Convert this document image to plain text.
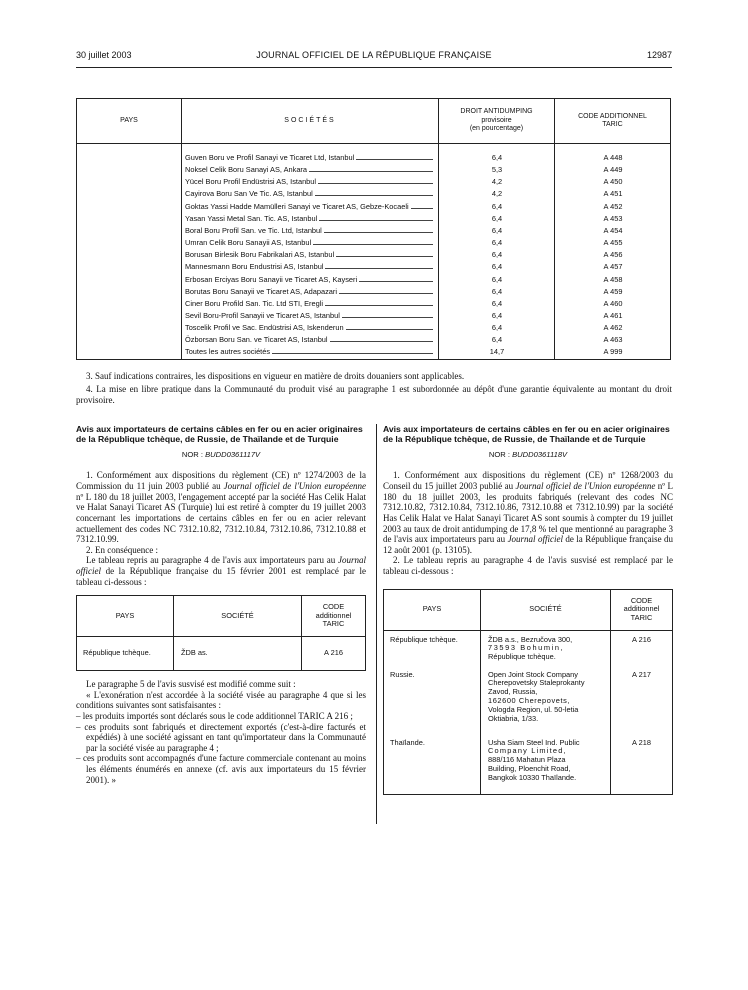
30 juillet 2003	JOURNAL OFFICIEL DE LA RÉPUBLIQUE FRANÇAISE	12987
PAYS	SOCIÉTÉS
DROIT ANTIDUMPING
provisoire
(en pourcentage)
CODE ADDITIONNEL
TARIC
Guven Boru ve Profil Sanayi ve Ticaret Ltd, Istanbul	6,4	A 448
Noksel Celik Boru Sanayi AS, Ankara	5,3	A 449
Yücel Boru Profil Endüstrisi AS, Istanbul	4,2	A 450
Cayirova Boru San Ve Tic. AS, Istanbul	4,2	A 451
Goktas Yassi Hadde Mamülleri Sanayi ve Ticaret AS, Gebze-Kocaeli	6,4	A 452
Yasan Yassi Metal San. Tic. AS, Istanbul	6,4	A 453
Boral Boru Profil San. ve Tic. Ltd, Istanbul	6,4	A 454
Umran Celik Boru Sanayii AS, Istanbul	6,4	A 455
Borusan Birlesik Boru Fabrikalari AS, Istanbul	6,4	A 456
Mannesmann Boru Endustrisi AS, Istanbul	6,4	A 457
Erbosan Erciyas Boru Sanayii ve Ticaret AS, Kayseri	6,4	A 458
Borutas Boru Sanayii ve Ticaret AS, Adapazari	6,4	A 459
Ciner Boru Profild San. Tic. Ltd STI, Eregli	6,4	A 460
Sevil Boru-Profil Sanayii ve Ticaret AS, Istanbul	6,4	A 461
Toscelik Profil ve Sac. Endüstrisi AS, Iskenderun	6,4	A 462
Özborsan Boru San. ve Ticaret AS, Istanbul	6,4	A 463
Toutes les autres sociétés	14,7	A 999

3. Sauf indications contraires, les dispositions en vigueur en matière de droits douaniers sont applicables.

4. La mise en libre pratique dans la Communauté du produit visé au paragraphe 1 est subordonnée au dépôt d'une garantie équivalente au montant du droit provisoire.

Avis aux importateurs de certains câbles en fer ou en acier originaires de la République tchèque, de Russie, de Thaïlande et de Turquie

NOR : BUDD0361117V

1. Conformément aux dispositions du règlement (CE) nº 1274/2003 de la Commission du 11 juin 2003 publié au Journal officiel de l'Union européenne nº L 180 du 18 juillet 2003, l'engagement accepté par la société Has Celik Halat ve Halat Sanayi Ticaret AS (Turquie) lui est retiré à compter du 19 juillet 2003 concernant les importations de certains câbles en fer ou en acier relevant actuellement des codes NC 7312.10.82, 7312.10.84, 7312.10.86, 7312.10.88 et 7312.10.99.

2. En conséquence :

Le tableau repris au paragraphe 4 de l'avis aux importateurs paru au Journal officiel de la République française du 15 février 2001 est remplacé par le tableau ci-dessous :

PAYS	SOCIÉTÉ
CODE
additionnel
TARIC
République tchèque.	ŽDB as.	A 216

Le paragraphe 5 de l'avis susvisé est modifié comme suit :

« L'exonération n'est accordée à la société visée au paragraphe 4 que si les conditions suivantes sont satisfaisantes :

– les produits importés sont déclarés sous le code additionnel TARIC A 216 ;

– ces produits sont fabriqués et directement exportés (c'est-à-dire facturés et expédiés) à une société agissant en tant qu'importateur dans la Communauté par la société visée au paragraphe 4 ;

– ces produits sont accompagnés d'une facture commerciale contenant au moins les éléments énumérés en annexe (cf. avis aux importateurs du 15 février 2001). »

Avis aux importateurs de certains câbles en fer ou en acier originaires de la République tchèque, de Russie, de Thaïlande et de Turquie

NOR : BUDD0361118V

1. Conformément aux dispositions du règlement (CE) nº 1268/2003 du Conseil du 15 juillet 2003 publié au Journal officiel de l'Union européenne nº L 180 du 18 juillet 2003, les produits fabriqués (relevant des codes NC 7312.10.82, 7312.10.84, 7312.10.86, 7312.10.88 et 7312.10.99) par la société Has Celik Halat ve Halat Sanayi Ticaret AS sont soumis à compter du 19 juillet 2003 au taux de droit antidumping de 17,8 % tel que mentionné au paragraphe 3 de l'avis aux importateurs paru au Journal officiel de la République française du 12 août 2001 (p. 13105).

2. Le tableau repris au paragraphe 4 de l'avis susvisé est remplacé par le tableau ci-dessous :

PAYS	SOCIÉTÉ
CODE
additionnel
TARIC
République tchèque.	ŽDB a.s., Bezručova 300,
73593 Bohumin,
République tchèque.
A 216
Russie.	Open Joint Stock Company
Cherepovetsky Staleprokanty Zavod, Russia,
162600 Cherepovets,
Vologda Region, ul. 50-letia
Oktiabria, 1/33.
A 217
Thaïlande.	Usha Siam Steel Ind. Public
Company Limited,
888/116 Mahatun Plaza
Building, Ploenchit Road,
Bangkok 10330 Thaïlande.
A 218
